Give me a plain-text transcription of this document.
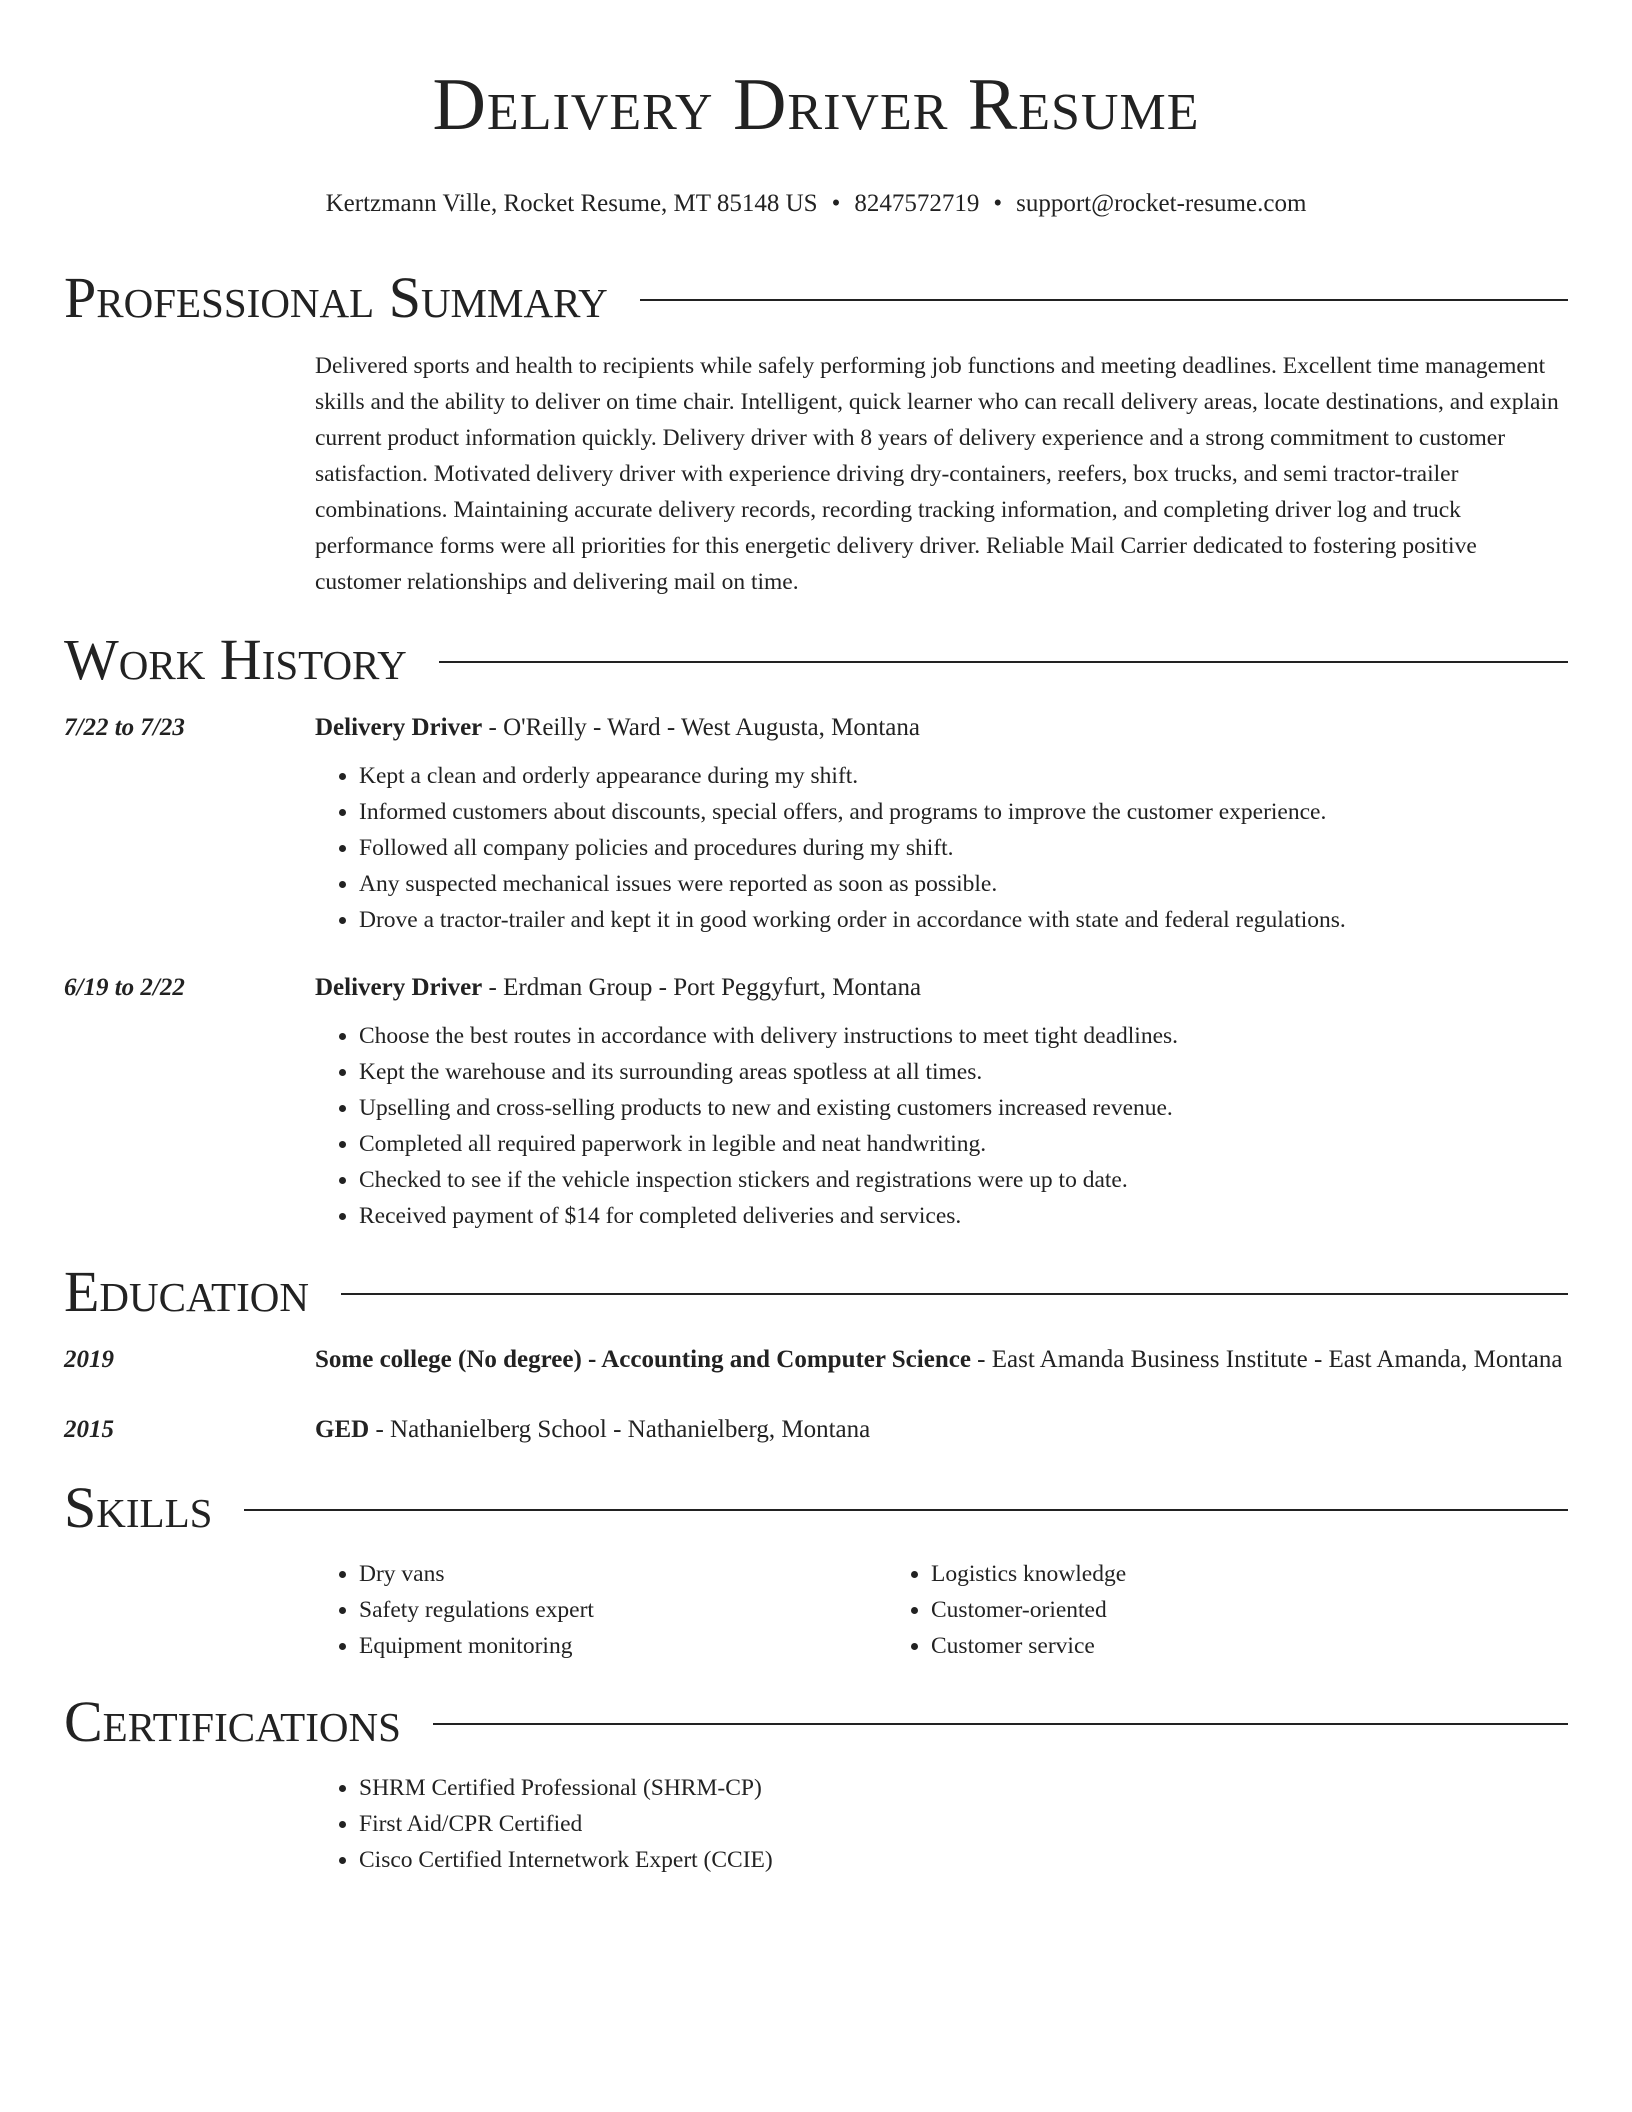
Delivery Driver Resume
Kertzmann Ville, Rocket Resume, MT 85148 US • 8247572719 • support@rocket-resume.com
Professional Summary
Delivered sports and health to recipients while safely performing job functions and meeting deadlines. Excellent time management skills and the ability to deliver on time chair. Intelligent, quick learner who can recall delivery areas, locate destinations, and explain current product information quickly. Delivery driver with 8 years of delivery experience and a strong commitment to customer satisfaction. Motivated delivery driver with experience driving dry-containers, reefers, box trucks, and semi tractor-trailer combinations. Maintaining accurate delivery records, recording tracking information, and completing driver log and truck performance forms were all priorities for this energetic delivery driver. Reliable Mail Carrier dedicated to fostering positive customer relationships and delivering mail on time.
Work History
7/22 to 7/23	Delivery Driver - O'Reilly - Ward - West Augusta, Montana
• Kept a clean and orderly appearance during my shift.
• Informed customers about discounts, special offers, and programs to improve the customer experience.
• Followed all company policies and procedures during my shift.
• Any suspected mechanical issues were reported as soon as possible.
• Drove a tractor-trailer and kept it in good working order in accordance with state and federal regulations.
6/19 to 2/22	Delivery Driver - Erdman Group - Port Peggyfurt, Montana
• Choose the best routes in accordance with delivery instructions to meet tight deadlines.
• Kept the warehouse and its surrounding areas spotless at all times.
• Upselling and cross-selling products to new and existing customers increased revenue.
• Completed all required paperwork in legible and neat handwriting.
• Checked to see if the vehicle inspection stickers and registrations were up to date.
• Received payment of $14 for completed deliveries and services.
Education
2019	Some college (No degree) - Accounting and Computer Science - East Amanda Business Institute - East Amanda, Montana
2015	GED - Nathanielberg School - Nathanielberg, Montana
Skills
• Dry vans
• Safety regulations expert
• Equipment monitoring
• Logistics knowledge
• Customer-oriented
• Customer service
Certifications
• SHRM Certified Professional (SHRM-CP)
• First Aid/CPR Certified
• Cisco Certified Internetwork Expert (CCIE)
